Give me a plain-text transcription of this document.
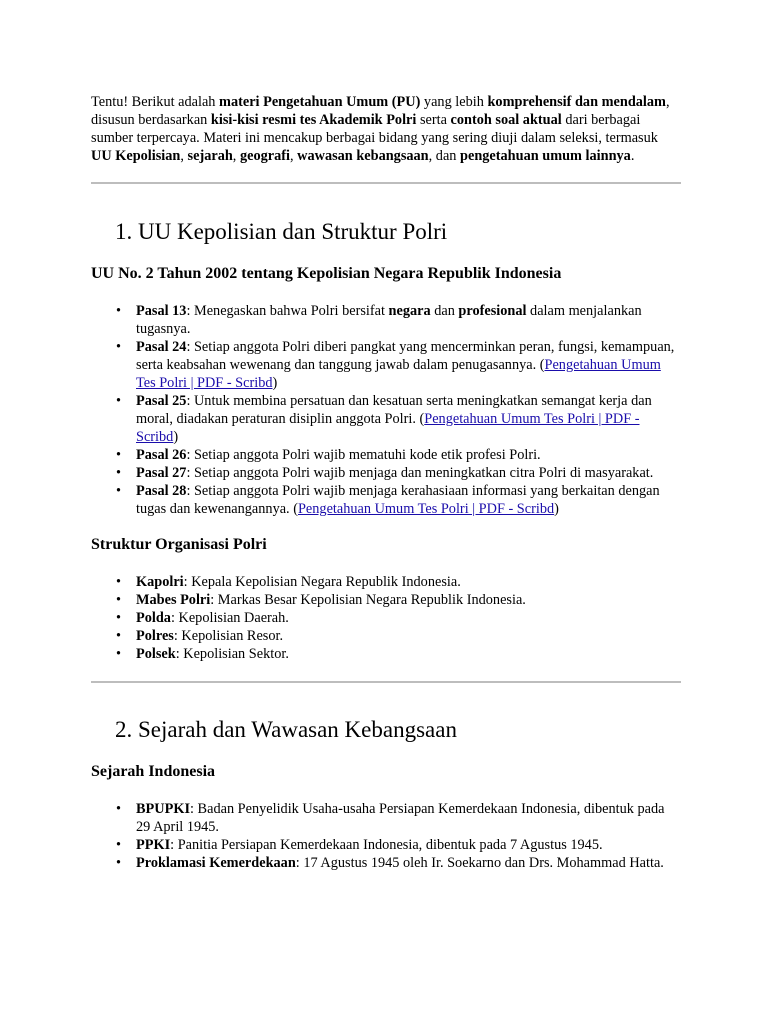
Tentu! Berikut adalah materi Pengetahuan Umum (PU) yang lebih komprehensif dan mendalam, disusun berdasarkan kisi-kisi resmi tes Akademik Polri serta contoh soal aktual dari berbagai sumber terpercaya. Materi ini mencakup berbagai bidang yang sering diuji dalam seleksi, termasuk UU Kepolisian, sejarah, geografi, wawasan kebangsaan, dan pengetahuan umum lainnya.

1. UU Kepolisian dan Struktur Polri
UU No. 2 Tahun 2002 tentang Kepolisian Negara Republik Indonesia
• Pasal 13: Menegaskan bahwa Polri bersifat negara dan profesional dalam menjalankan tugasnya.
• Pasal 24: Setiap anggota Polri diberi pangkat yang mencerminkan peran, fungsi, kemampuan, serta keabsahan wewenang dan tanggung jawab dalam penugasannya. (Pengetahuan Umum Tes Polri | PDF - Scribd)
• Pasal 25: Untuk membina persatuan dan kesatuan serta meningkatkan semangat kerja dan moral, diadakan peraturan disiplin anggota Polri. (Pengetahuan Umum Tes Polri | PDF - Scribd)
• Pasal 26: Setiap anggota Polri wajib mematuhi kode etik profesi Polri.
• Pasal 27: Setiap anggota Polri wajib menjaga dan meningkatkan citra Polri di masyarakat.
• Pasal 28: Setiap anggota Polri wajib menjaga kerahasiaan informasi yang berkaitan dengan tugas dan kewenangannya. (Pengetahuan Umum Tes Polri | PDF - Scribd)
Struktur Organisasi Polri
• Kapolri: Kepala Kepolisian Negara Republik Indonesia.
• Mabes Polri: Markas Besar Kepolisian Negara Republik Indonesia.
• Polda: Kepolisian Daerah.
• Polres: Kepolisian Resor.
• Polsek: Kepolisian Sektor.
2. Sejarah dan Wawasan Kebangsaan
Sejarah Indonesia
• BPUPKI: Badan Penyelidik Usaha-usaha Persiapan Kemerdekaan Indonesia, dibentuk pada 29 April 1945.
• PPKI: Panitia Persiapan Kemerdekaan Indonesia, dibentuk pada 7 Agustus 1945.
• Proklamasi Kemerdekaan: 17 Agustus 1945 oleh Ir. Soekarno dan Drs. Mohammad Hatta.
